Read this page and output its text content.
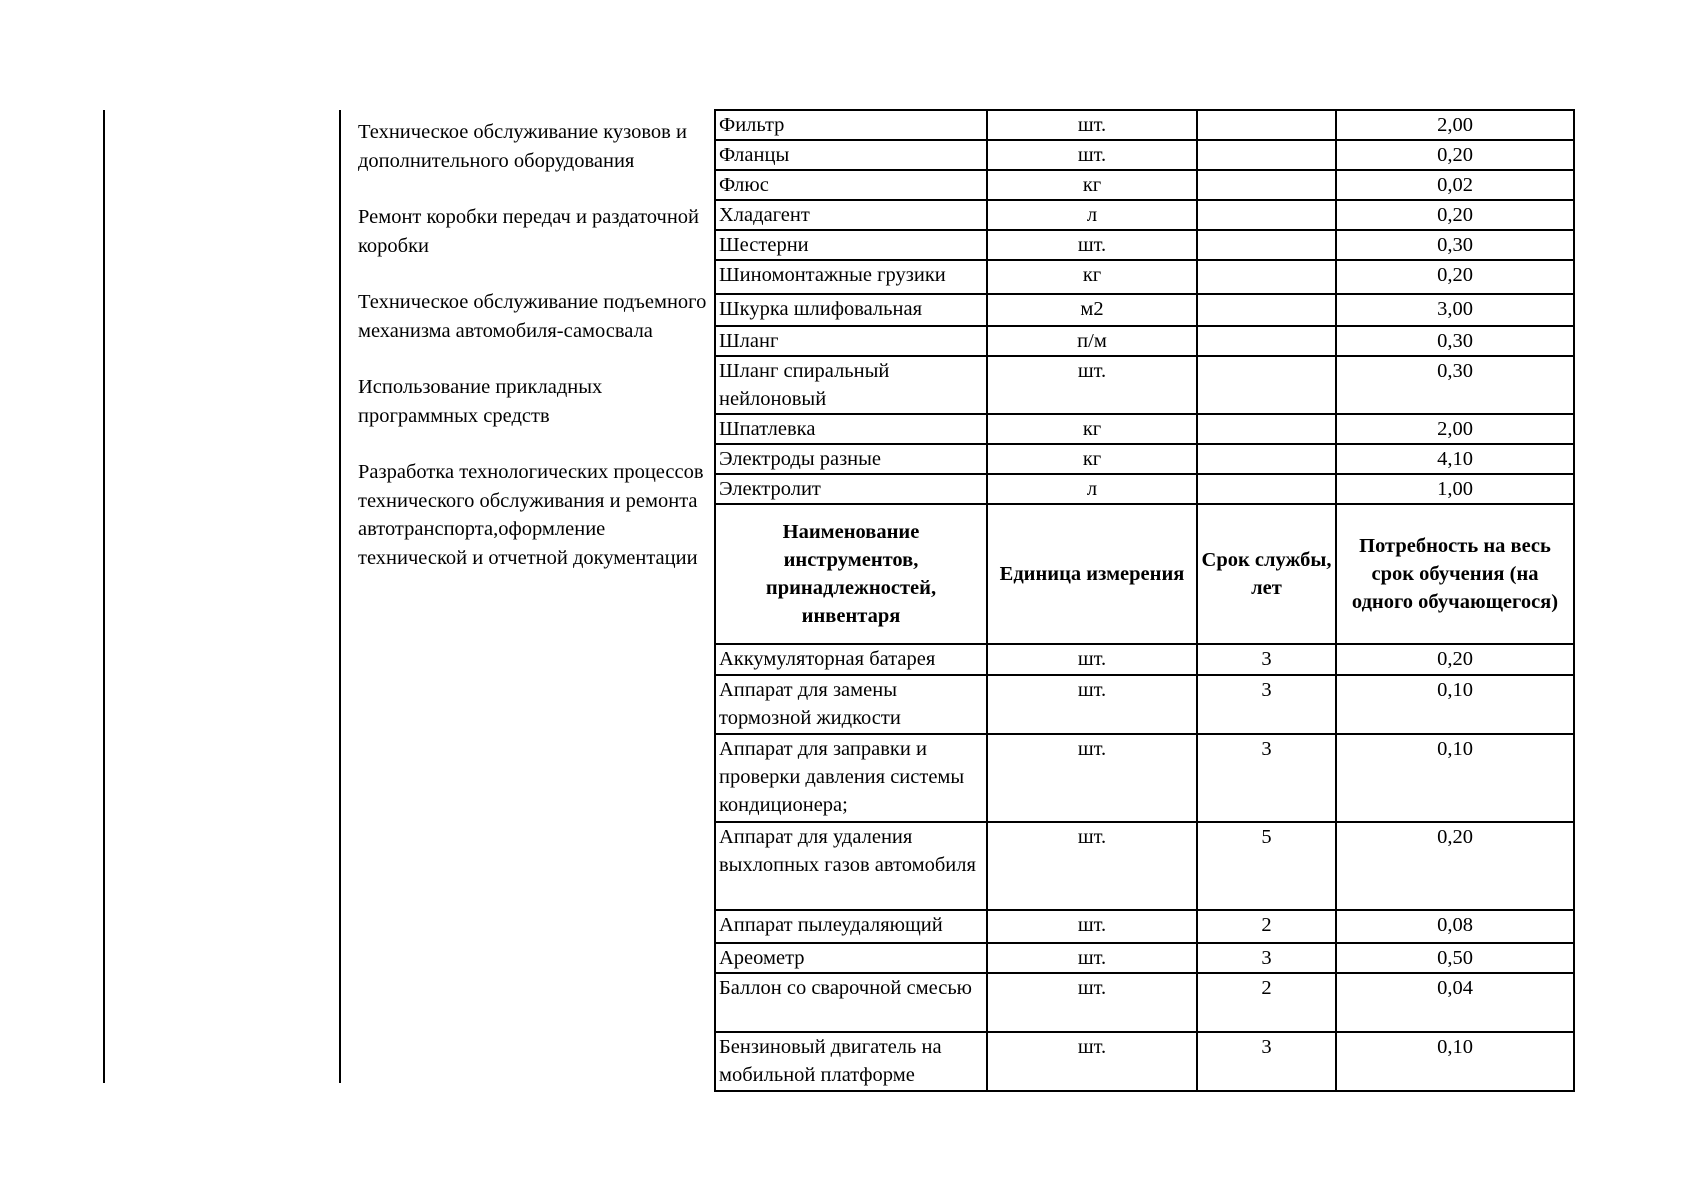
Техническое обслуживание кузовов и дополнительного оборудования
Ремонт коробки передач и раздаточной коробки
Техническое обслуживание подъемного механизма автомобиля-самосвала
Использование прикладных программных средств
Разработка технологических процессов технического обслуживания и ремонта автотранспорта,оформление технической и отчетной документации
Фильтр	шт.		2,00
Фланцы	шт.		0,20
Флюс	кг		0,02
Хладагент	л		0,20
Шестерни	шт.		0,30
Шиномонтажные грузики	кг		0,20
Шкурка шлифовальная	м2		3,00
Шланг	п/м		0,30
Шланг спиральный нейлоновый	шт.		0,30
Шпатлевка	кг		2,00
Электроды разные	кг		4,10
Электролит	л		1,00
Наименование инструментов, принадлежностей, инвентаря	Единица измерения	Срок службы, лет	Потребность на весь срок обучения (на одного обучающегося)
Аккумуляторная батарея	шт.	3	0,20
Аппарат для замены тормозной жидкости	шт.	3	0,10
Аппарат для заправки и проверки давления системы кондиционера;	шт.	3	0,10
Аппарат для удаления выхлопных газов автомобиля	шт.	5	0,20
Аппарат пылеудаляющий	шт.	2	0,08
Ареометр	шт.	3	0,50
Баллон со сварочной смесью	шт.	2	0,04
Бензиновый двигатель на мобильной платформе	шт.	3	0,10
